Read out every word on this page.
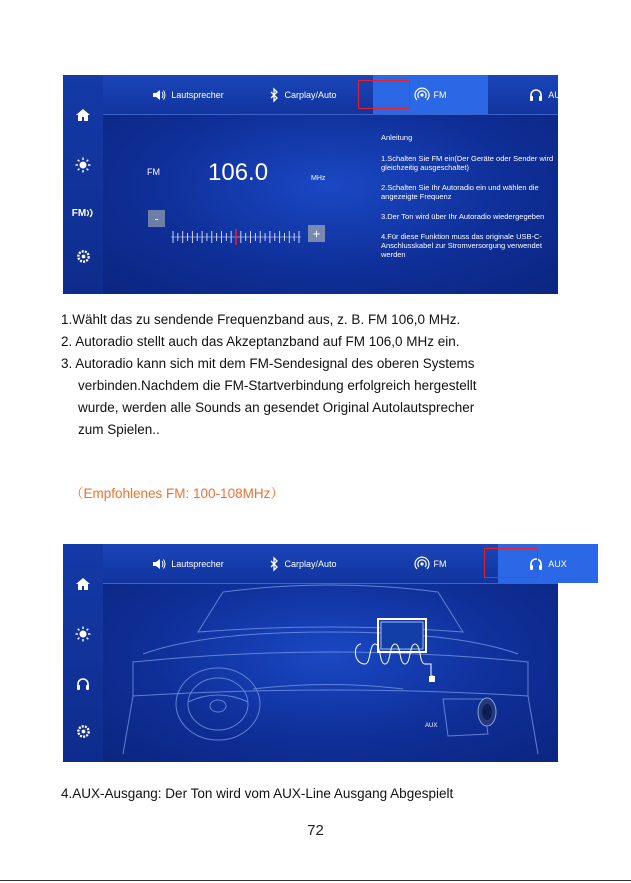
FM
Lautsprecher	Carplay/Auto	FM	AUX
FM 106.0	MHz
-
+
Anleitung
1.Schalten Sie FM ein(Der Geräte oder Sender wird gleichzeitig ausgeschaltet)
2.Schalten Sie Ihr Autoradio ein und wählen die angezeigte Frequenz
3.Der Ton wird über Ihr Autoradio wiedergegeben
4.Für diese Funktion muss das originale USB-C-Anschlusskabel zur Stromversorgung verwendet werden
1.Wählt das zu sendende Frequenzband aus, z. B. FM 106,0 MHz.
2. Autoradio stellt auch das Akzeptanzband auf FM 106,0 MHz ein.
3. Autoradio kann sich mit dem FM-Sendesignal des oberen Systems
verbinden.Nachdem die FM-Startverbindung erfolgreich hergestellt
wurde, werden alle Sounds an gesendet Original Autolautsprecher
zum Spielen..
（Empfohlenes FM: 100-108MHz）
Lautsprecher	Carplay/Auto	FM	AUX
AUX
Der Ton wird vom Aux Line Ausgang abgespielt
4.AUX-Ausgang: Der Ton wird vom AUX-Line Ausgang Abgespielt
72
